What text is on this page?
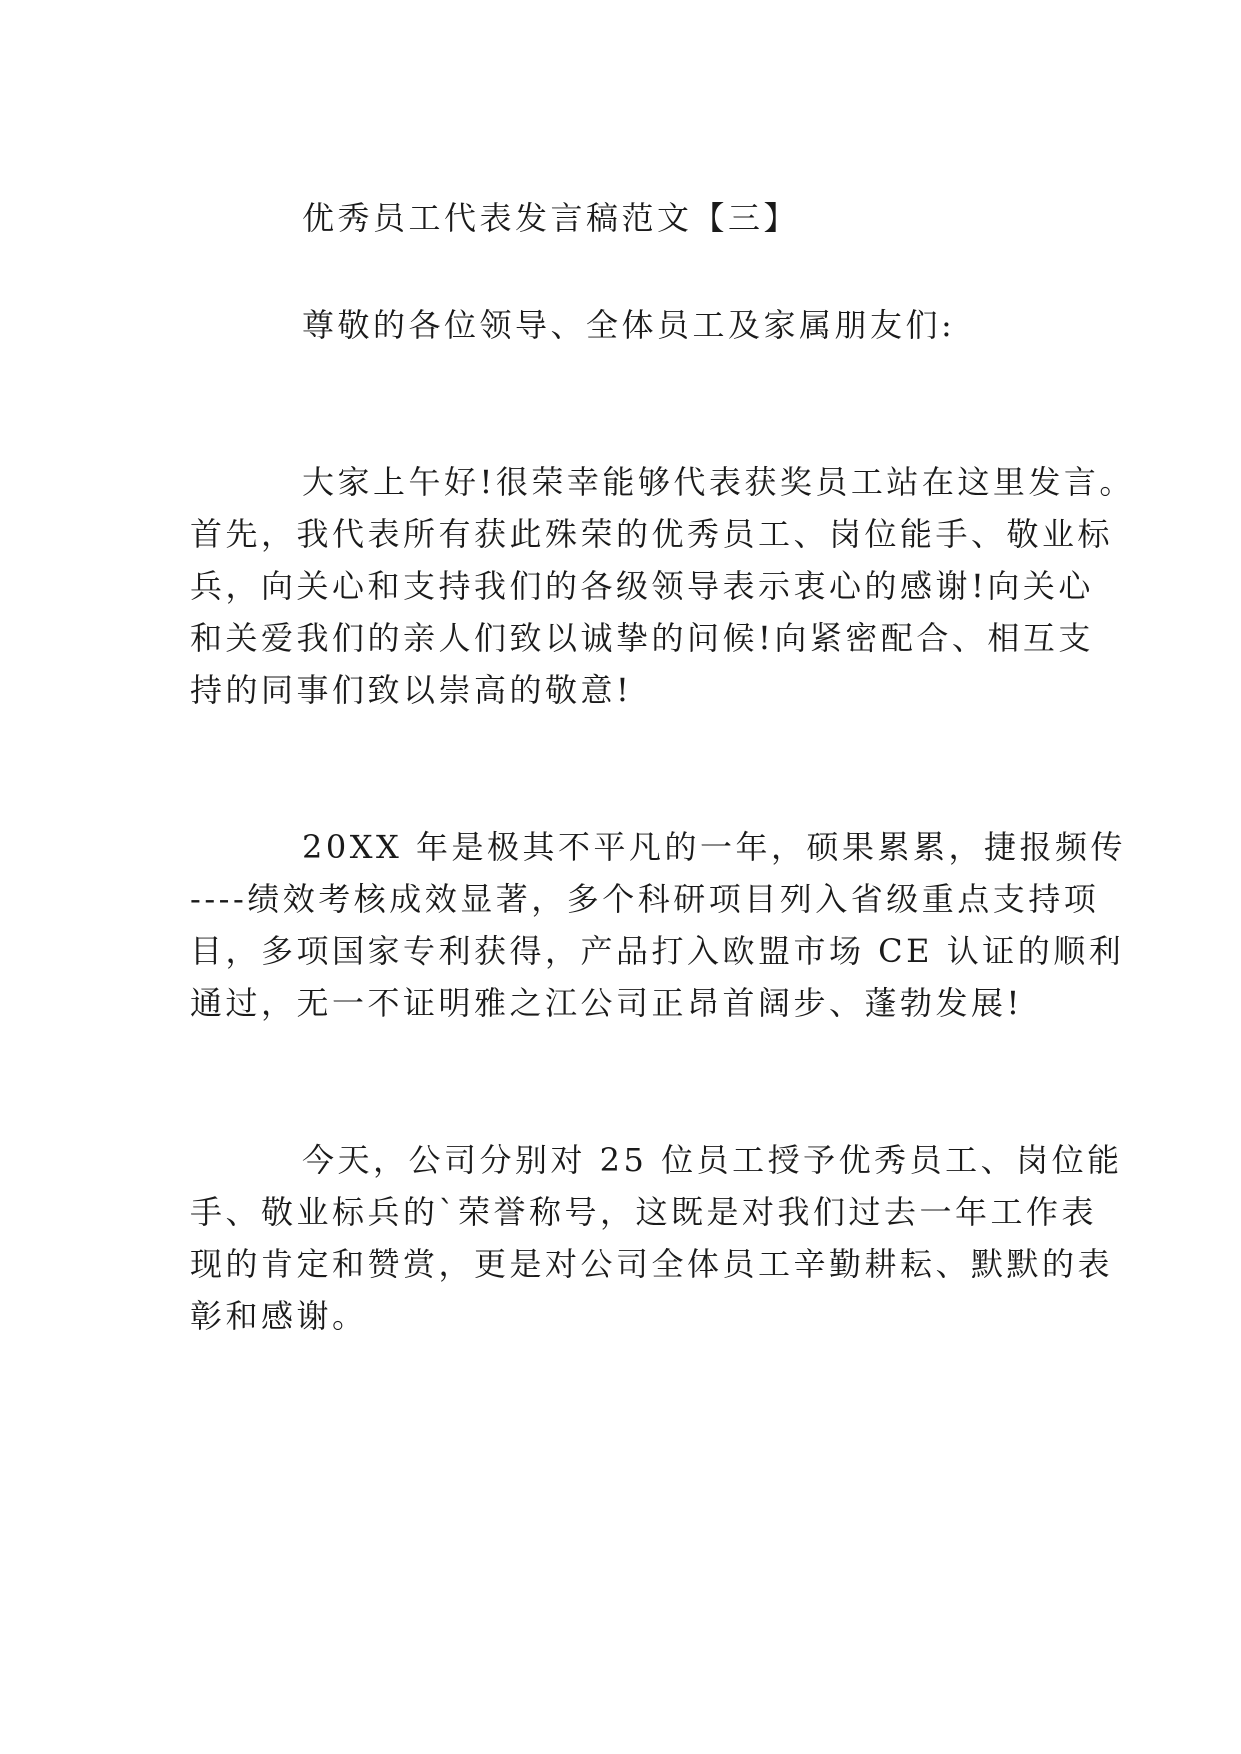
优秀员工代表发言稿范文【三】
尊敬的各位领导、全体员工及家属朋友们:
大家上午好!很荣幸能够代表获奖员工站在这里发言。
首先，我代表所有获此殊荣的优秀员工、岗位能手、敬业标
兵，向关心和支持我们的各级领导表示衷心的感谢!向关心
和关爱我们的亲人们致以诚挚的问候!向紧密配合、相互支
持的同事们致以崇高的敬意!
20XX 年是极其不平凡的一年，硕果累累，捷报频传
----绩效考核成效显著，多个科研项目列入省级重点支持项
目，多项国家专利获得，产品打入欧盟市场 CE 认证的顺利
通过，无一不证明雅之江公司正昂首阔步、蓬勃发展!
今天，公司分别对 25 位员工授予优秀员工、岗位能
手、敬业标兵的`荣誉称号，这既是对我们过去一年工作表
现的肯定和赞赏，更是对公司全体员工辛勤耕耘、默默的表
彰和感谢。
